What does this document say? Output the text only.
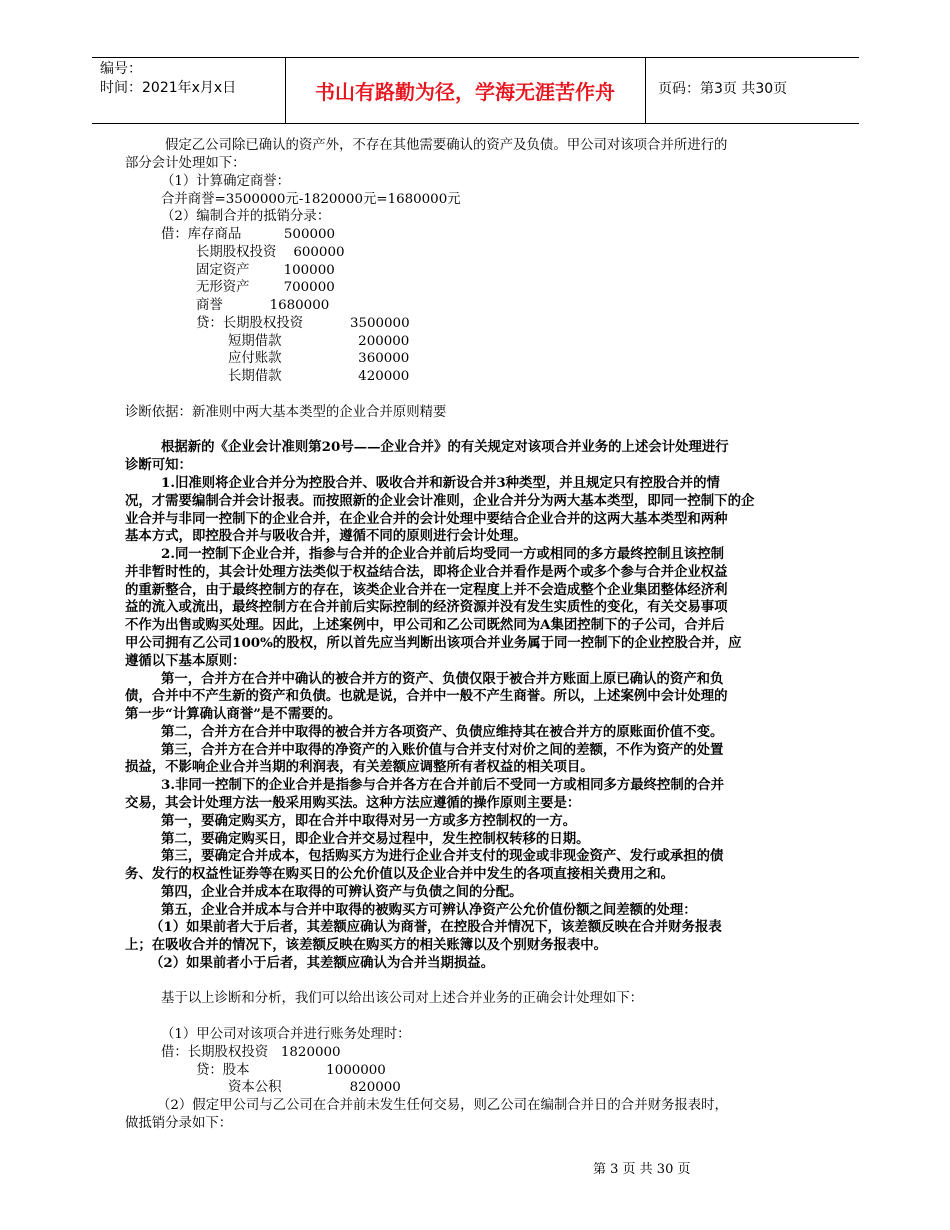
编号：
时间：2021年x月x日	书山有路勤为径，学海无涯苦作舟	页码：第3页 共30页
假定乙公司除已确认的资产外，不存在其他需要确认的资产及负债。甲公司对该项合并所进行的
部分会计处理如下：
（1）计算确定商誉：
合并商誉=3500000元-1820000元=1680000元
（2）编制合并的抵销分录：
借：库存商品          500000
长期股权投资    600000
固定资产        100000
无形资产        700000
商誉           1680000
贷：长期股权投资           3500000
短期借款                  200000
应付账款                  360000
长期借款                  420000
诊断依据：新准则中两大基本类型的企业合并原则精要
根据新的《企业会计准则第20号——企业合并》的有关规定对该项合并业务的上述会计处理进行
诊断可知：
1.旧准则将企业合并分为控股合并、吸收合并和新设合并3种类型，并且规定只有控股合并的情
况，才需要编制合并会计报表。而按照新的企业会计准则，企业合并分为两大基本类型，即同一控制下的企
业合并与非同一控制下的企业合并，在企业合并的会计处理中要结合企业合并的这两大基本类型和两种
基本方式，即控股合并与吸收合并，遵循不同的原则进行会计处理。
2.同一控制下企业合并，指参与合并的企业合并前后均受同一方或相同的多方最终控制且该控制
并非暂时性的，其会计处理方法类似于权益结合法，即将企业合并看作是两个或多个参与合并企业权益
的重新整合，由于最终控制方的存在，该类企业合并在一定程度上并不会造成整个企业集团整体经济利
益的流入或流出，最终控制方在合并前后实际控制的经济资源并没有发生实质性的变化，有关交易事项
不作为出售或购买处理。因此，上述案例中，甲公司和乙公司既然同为A集团控制下的子公司，合并后
甲公司拥有乙公司100%的股权，所以首先应当判断出该项合并业务属于同一控制下的企业控股合并，应
遵循以下基本原则：
第一，合并方在合并中确认的被合并方的资产、负债仅限于被合并方账面上原已确认的资产和负
债，合并中不产生新的资产和负债。也就是说，合并中一般不产生商誉。所以，上述案例中会计处理的
第一步“计算确认商誉”是不需要的。
第二，合并方在合并中取得的被合并方各项资产、负债应维持其在被合并方的原账面价值不变。
第三，合并方在合并中取得的净资产的入账价值与合并支付对价之间的差额，不作为资产的处置
损益，不影响企业合并当期的利润表，有关差额应调整所有者权益的相关项目。
3.非同一控制下的企业合并是指参与合并各方在合并前后不受同一方或相同多方最终控制的合并
交易，其会计处理方法一般采用购买法。这种方法应遵循的操作原则主要是：
第一，要确定购买方，即在合并中取得对另一方或多方控制权的一方。
第二，要确定购买日，即企业合并交易过程中，发生控制权转移的日期。
第三，要确定合并成本，包括购买方为进行企业合并支付的现金或非现金资产、发行或承担的债
务、发行的权益性证券等在购买日的公允价值以及企业合并中发生的各项直接相关费用之和。
第四，企业合并成本在取得的可辨认资产与负债之间的分配。
第五，企业合并成本与合并中取得的被购买方可辨认净资产公允价值份额之间差额的处理：
（1）如果前者大于后者，其差额应确认为商誉，在控股合并情况下，该差额反映在合并财务报表
上；在吸收合并的情况下，该差额反映在购买方的相关账簿以及个别财务报表中。
（2）如果前者小于后者，其差额应确认为合并当期损益。
基于以上诊断和分析，我们可以给出该公司对上述合并业务的正确会计处理如下：
（1）甲公司对该项合并进行账务处理时：
借：长期股权投资   1820000
贷：股本                  1000000
资本公积                820000
（2）假定甲公司与乙公司在合并前未发生任何交易，则乙公司在编制合并日的合并财务报表时，
做抵销分录如下：
第 3 页 共 30 页
